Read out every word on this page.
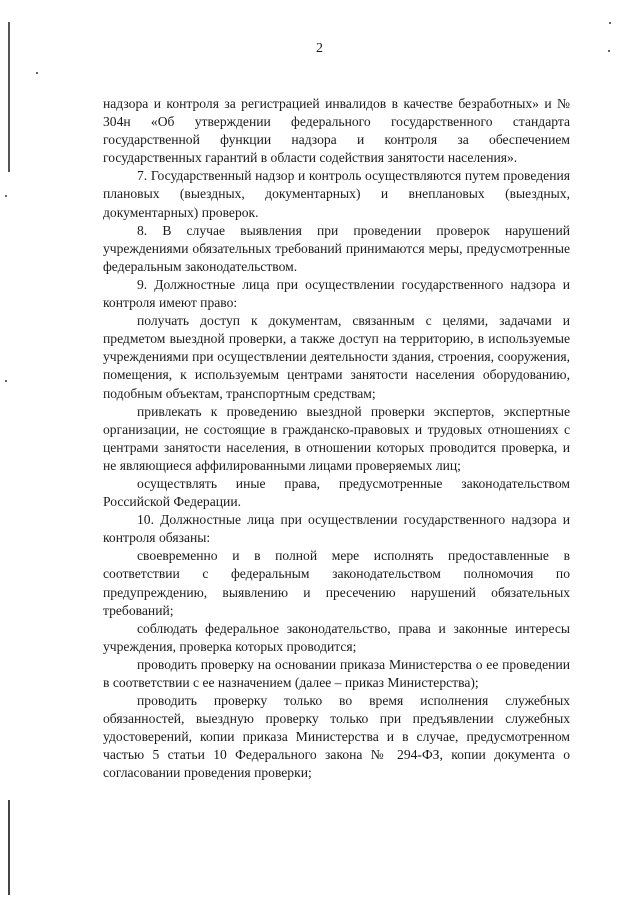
2

надзора и контроля за регистрацией инвалидов в качестве безработных» и № 304н «Об утверждении федерального государственного стандарта государственной функции надзора и контроля за обеспечением государственных гарантий в области содействия занятости населения».

7. Государственный надзор и контроль осуществляются путем проведения плановых (выездных, документарных) и внеплановых (выездных, документарных) проверок.

8. В случае выявления при проведении проверок нарушений учреждениями обязательных требований принимаются меры, предусмотренные федеральным законодательством.

9. Должностные лица при осуществлении государственного надзора и контроля имеют право:

получать доступ к документам, связанным с целями, задачами и предметом выездной проверки, а также доступ на территорию, в используемые учреждениями при осуществлении деятельности здания, строения, сооружения, помещения, к используемым центрами занятости населения оборудованию, подобным объектам, транспортным средствам;

привлекать к проведению выездной проверки экспертов, экспертные организации, не состоящие в гражданско-правовых и трудовых отношениях с центрами занятости населения, в отношении которых проводится проверка, и не являющиеся аффилированными лицами проверяемых лиц;

осуществлять иные права, предусмотренные законодательством Российской Федерации.

10. Должностные лица при осуществлении государственного надзора и контроля обязаны:

своевременно и в полной мере исполнять предоставленные в соответствии с федеральным законодательством полномочия по предупреждению, выявлению и пресечению нарушений обязательных требований;

соблюдать федеральное законодательство, права и законные интересы учреждения, проверка которых проводится;

проводить проверку на основании приказа Министерства о ее проведении в соответствии с ее назначением (далее – приказ Министерства);

проводить проверку только во время исполнения служебных обязанностей, выездную проверку только при предъявлении служебных удостоверений, копии приказа Министерства и в случае, предусмотренном частью 5 статьи 10 Федерального закона № 294-ФЗ, копии документа о согласовании проведения проверки;
